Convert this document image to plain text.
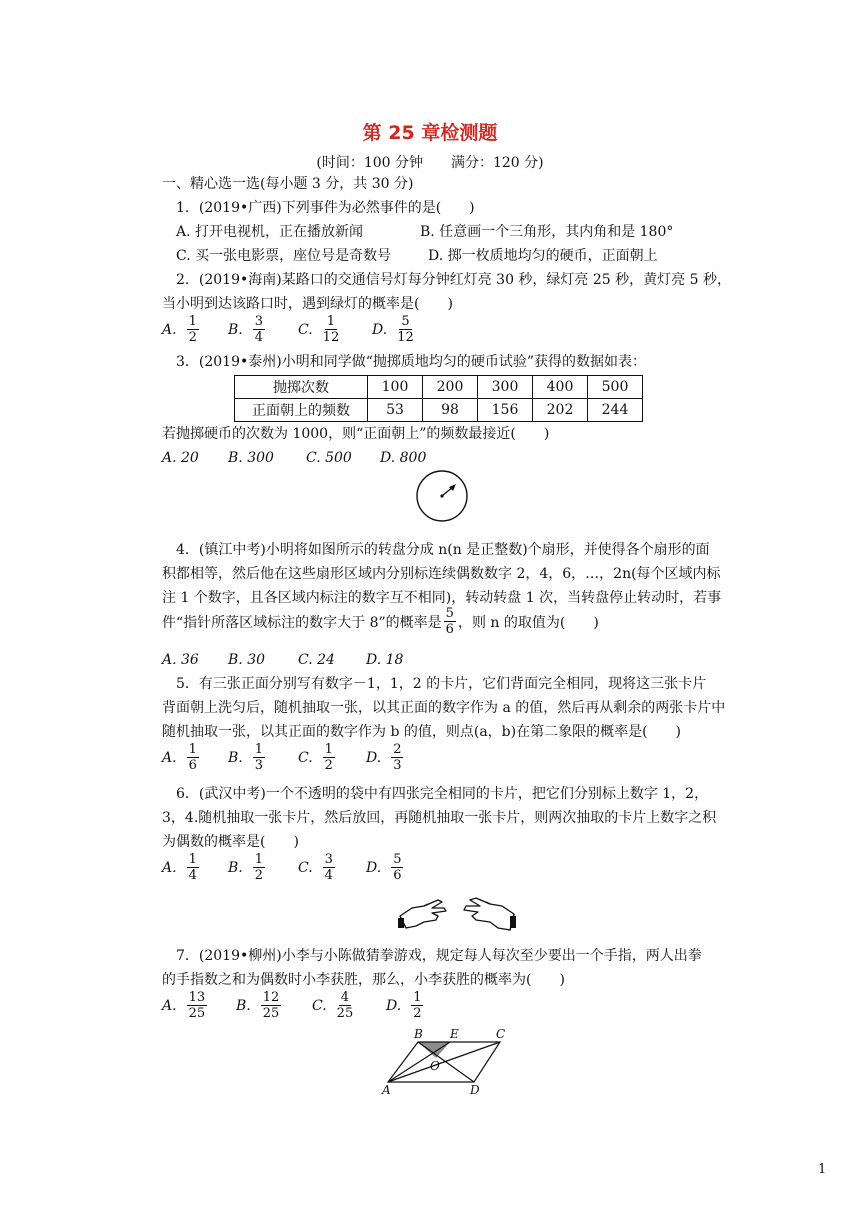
第 25 章检测题
(时间：100 分钟　　满分：120 分)
一、精心选一选(每小题 3 分，共 30 分)
1．(2019•广西)下列事件为必然事件的是(　　)
A. 打开电视机，正在播放新闻	B. 任意画一个三角形，其内角和是 180°
C. 买一张电影票，座位号是奇数号	D. 掷一枚质地均匀的硬币，正面朝上
2．(2019•海南)某路口的交通信号灯每分钟红灯亮 30 秒，绿灯亮 25 秒，黄灯亮 5 秒，
当小明到达该路口时，遇到绿灯的概率是(　　)
A. $\frac{1}{2} B$. $\frac{3}{4} C$. $\frac{1}{12} D$. $\frac{5}{12}$
3．(2019•泰州)小明和同学做“抛掷质地均匀的硬币试验”获得的数据如表：
抛掷次数	100	200	300	400	500
正面朝上的频数	53	98	156	202	244
若抛掷硬币的次数为 1000，则“正面朝上”的频数最接近(　　)
A. 20 B. 300 C. 500 D. 800
4．(镇江中考)小明将如图所示的转盘分成 n(n 是正整数)个扇形，并使得各个扇形的面
积都相等，然后他在这些扇形区域内分别标连续偶数数字 2，4，6，…，2n(每个区域内标
注 1 个数字，且各区域内标注的数字互不相同)，转动转盘 1 次，当转盘停止转动时，若事
件“指针所落区域标注的数字大于 8”的概率是 $\frac{5}{6}$ ，则 n 的取值为(　　)
A. 36 B. 30 C. 24 D. 18
5．有三张正面分别写有数字－1，1，2 的卡片，它们背面完全相同，现将这三张卡片
背面朝上洗匀后，随机抽取一张，以其正面的数字作为 a 的值，然后再从剩余的两张卡片中
随机抽取一张，以其正面的数字作为 b 的值，则点(a，b)在第二象限的概率是(　　)
A. $\frac{1}{6} B$. $\frac{1}{3} C$. $\frac{1}{2} D$. $\frac{2}{3}$
6．(武汉中考)一个不透明的袋中有四张完全相同的卡片，把它们分别标上数字 1，2，
3，4.随机抽取一张卡片，然后放回，再随机抽取一张卡片，则两次抽取的卡片上数字之积
为偶数的概率是(　　)
A. $\frac{1}{4} B$. $\frac{1}{2} C$. $\frac{3}{4} D$. $\frac{5}{6}$
7．(2019•柳州)小李与小陈做猜拳游戏，规定每人每次至少要出一个手指，两人出拳
的手指数之和为偶数时小李获胜，那么，小李获胜的概率为(　　)
A. $\frac{13}{25} B$. $\frac{12}{25} C$. $\frac{4}{25} D$. $\frac{1}{2}$
B E	C
O
A	D
1
